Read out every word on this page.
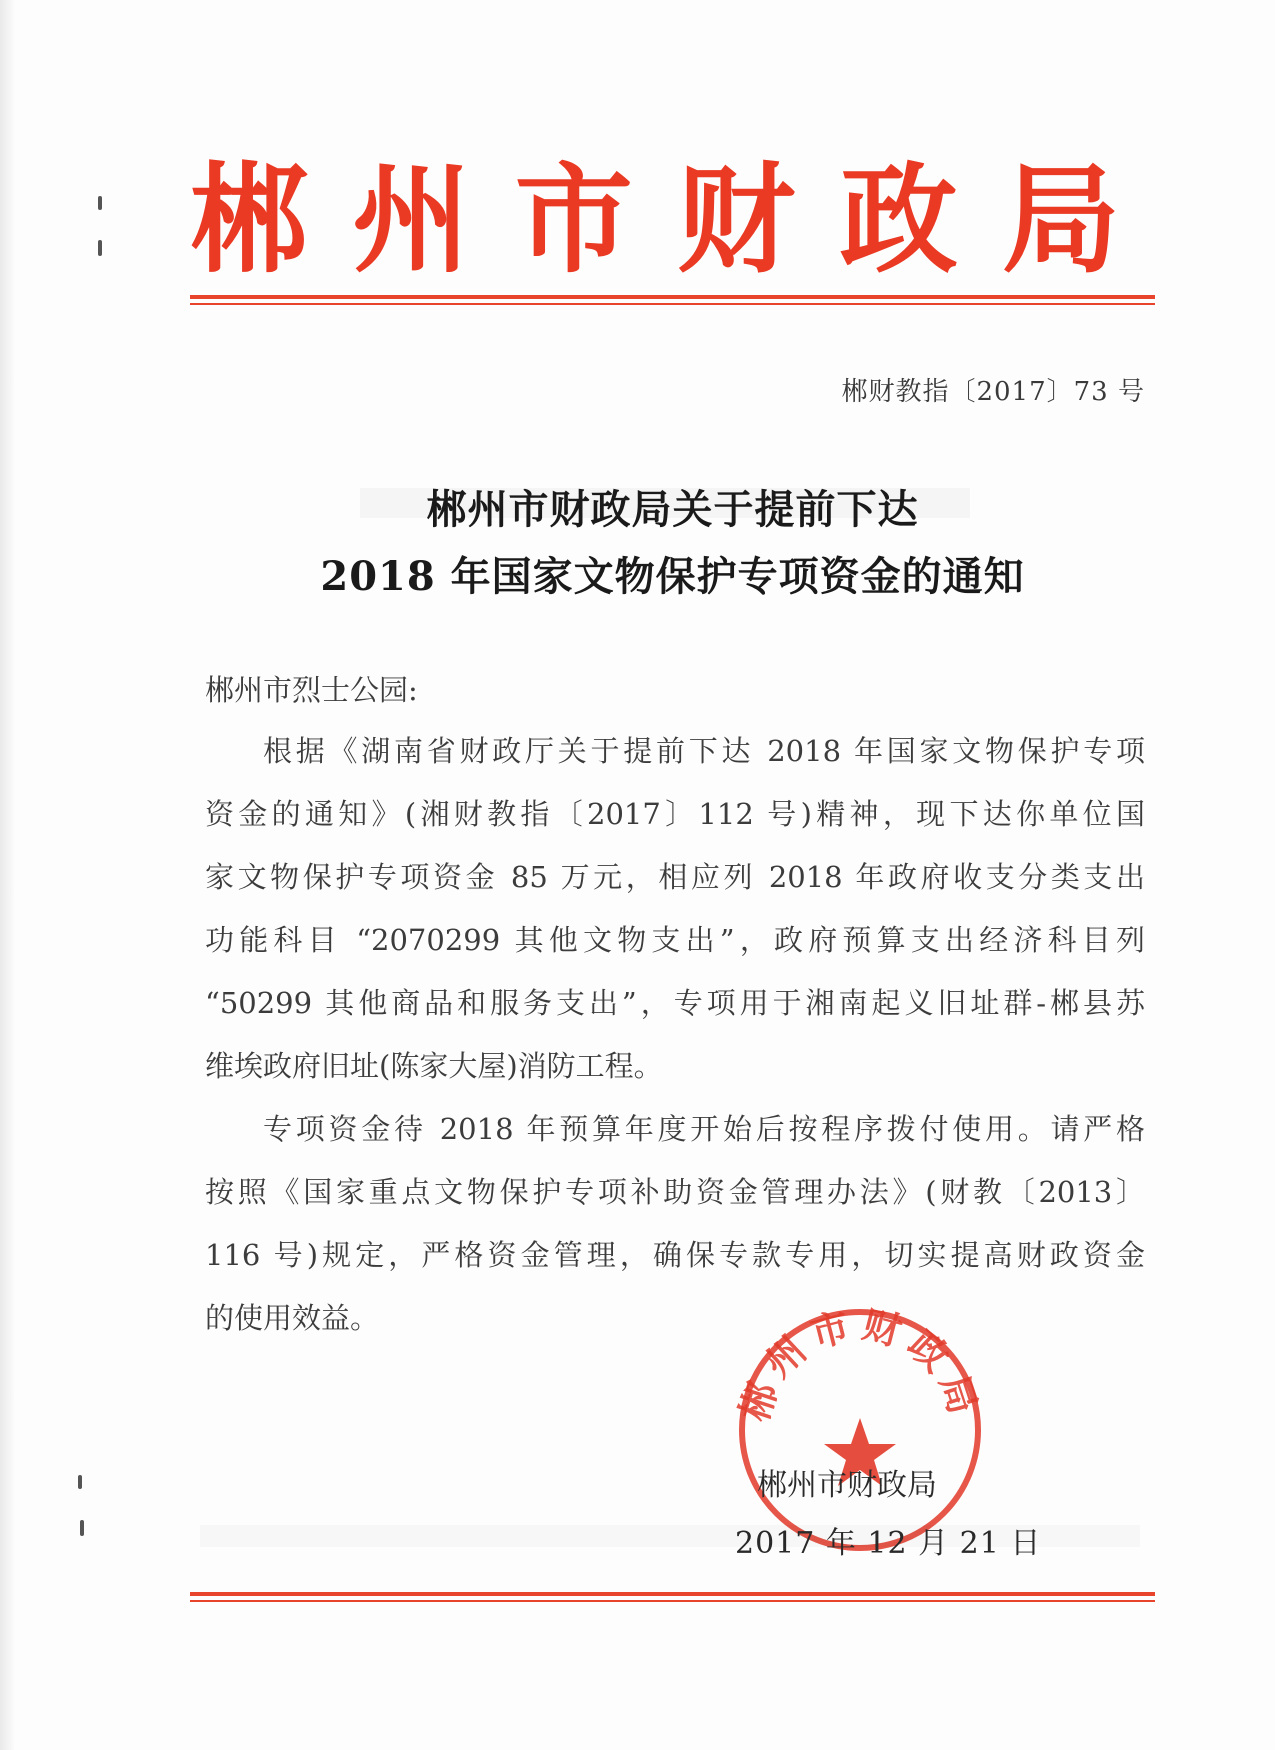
郴 州 市 财 政 局
郴财教指〔2017〕73 号
郴州市财政局关于提前下达
2018 年国家文物保护专项资金的通知
郴州市烈士公园:
根据《湖南省财政厅关于提前下达 2018 年国家文物保护专项
资金的通知》(湘财教指〔2017〕112 号)精神，现下达你单位国
家文物保护专项资金 85 万元，相应列 2018 年政府收支分类支出
功能科目 “2070299 其他文物支出”，政府预算支出经济科目列
“50299 其他商品和服务支出”，专项用于湘南起义旧址群-郴县苏
维埃政府旧址(陈家大屋)消防工程。
专项资金待 2018 年预算年度开始后按程序拨付使用。请严格
按照《国家重点文物保护专项补助资金管理办法》(财教〔2013〕
116 号)规定，严格资金管理，确保专款专用，切实提高财政资金
的使用效益。
郴州市财政局
郴州市财政局
2017 年 12 月 21 日
